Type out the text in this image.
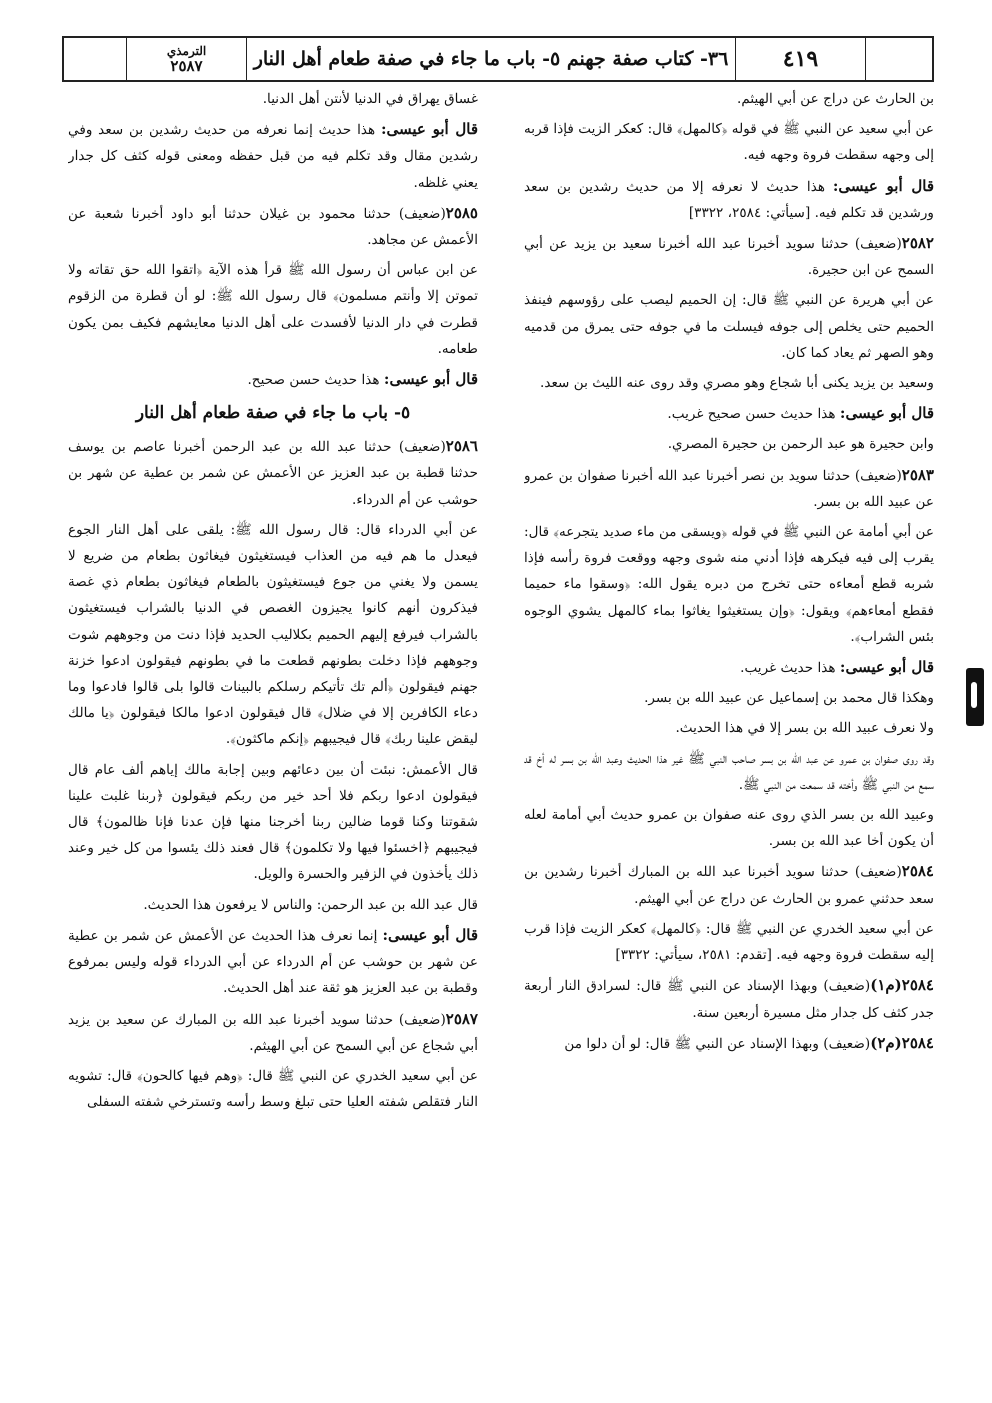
٤١٩
٣٦- كتاب صفة جهنم ٥- باب ما جاء في صفة طعام أهل النار
الترمذي
٢٥٨٧

بن الحارث عن دراج عن أبي الهيثم.

عن أبي سعيد عن النبي ﷺ في قوله ﴿كالمهل﴾ قال: كعكر الزيت فإذا قربه إلى وجهه سقطت فروة وجهه فيه.

قال أبو عيسى: هذا حديث لا نعرفه إلا من حديث رشدين بن سعد ورشدين قد تكلم فيه. [سيأتي: ٢٥٨٤، ٣٣٢٢]

٢٥٨٢(ضعيف) حدثنا سويد أخبرنا عبد الله أخبرنا سعيد بن يزيد عن أبي السمح عن ابن حجيرة.

عن أبي هريرة عن النبي ﷺ قال: إن الحميم ليصب على رؤوسهم فينفذ الحميم حتى يخلص إلى جوفه فيسلت ما في جوفه حتى يمرق من قدميه وهو الصهر ثم يعاد كما كان.

وسعيد بن يزيد يكنى أبا شجاع وهو مصري وقد روى عنه الليث بن سعد.

قال أبو عيسى: هذا حديث حسن صحيح غريب.

وابن حجيرة هو عبد الرحمن بن حجيرة المصري.

٢٥٨٣(ضعيف) حدثنا سويد بن نصر أخبرنا عبد الله أخبرنا صفوان بن عمرو عن عبيد الله بن بسر.

عن أبي أمامة عن النبي ﷺ في قوله ﴿ويسقى من ماء صديد يتجرعه﴾ قال: يقرب إلى فيه فيكرهه فإذا أدني منه شوى وجهه ووقعت فروة رأسه فإذا شربه قطع أمعاءه حتى تخرج من دبره يقول الله: ﴿وسقوا ماء حميما فقطع أمعاءهم﴾ ويقول: ﴿وإن يستغيثوا يغاثوا بماء كالمهل يشوي الوجوه بئس الشراب﴾.

قال أبو عيسى: هذا حديث غريب.

وهكذا قال محمد بن إسماعيل عن عبيد الله بن بسر.

ولا نعرف عبيد الله بن بسر إلا في هذا الحديث.

وقد روى صفوان بن عمرو عن عبد الله بن بسر صاحب النبي ﷺ غير هذا الحديث وعبد الله بن بسر له أخ قد سمع من النبي ﷺ وأخته قد سمعت من النبي ﷺ.

وعبيد الله بن بسر الذي روى عنه صفوان بن عمرو حديث أبي أمامة لعله أن يكون أخا عبد الله بن بسر.

٢٥٨٤(ضعيف) حدثنا سويد أخبرنا عبد الله بن المبارك أخبرنا رشدين بن سعد حدثني عمرو بن الحارث عن دراج عن أبي الهيثم.

عن أبي سعيد الخدري عن النبي ﷺ قال: ﴿كالمهل﴾ كعكر الزيت فإذا قرب إليه سقطت فروة وجهه فيه. [تقدم: ٢٥٨١، سيأتي: ٣٣٢٢]

٢٥٨٤(م١)(ضعيف) وبهذا الإسناد عن النبي ﷺ قال: لسرادق النار أربعة جدر كثف كل جدار مثل مسيرة أربعين سنة.

٢٥٨٤(م٢)(ضعيف) وبهذا الإسناد عن النبي ﷺ قال: لو أن دلوا من

غساق يهراق في الدنيا لأنتن أهل الدنيا.

قال أبو عيسى: هذا حديث إنما نعرفه من حديث رشدين بن سعد وفي رشدين مقال وقد تكلم فيه من قبل حفظه ومعنى قوله كثف كل جدار يعني غلظه.

٢٥٨٥(ضعيف) حدثنا محمود بن غيلان حدثنا أبو داود أخبرنا شعبة عن الأعمش عن مجاهد.

عن ابن عباس أن رسول الله ﷺ قرأ هذه الآية ﴿اتقوا الله حق تقاته ولا تموتن إلا وأنتم مسلمون﴾ قال رسول الله ﷺ: لو أن قطرة من الزقوم قطرت في دار الدنيا لأفسدت على أهل الدنيا معايشهم فكيف بمن يكون طعامه.

قال أبو عيسى: هذا حديث حسن صحيح.

٥- باب ما جاء في صفة طعام أهل النار

٢٥٨٦(ضعيف) حدثنا عبد الله بن عبد الرحمن أخبرنا عاصم بن يوسف حدثنا قطبة بن عبد العزيز عن الأعمش عن شمر بن عطية عن شهر بن حوشب عن أم الدرداء.

عن أبي الدرداء قال: قال رسول الله ﷺ: يلقى على أهل النار الجوع فيعدل ما هم فيه من العذاب فيستغيثون فيغاثون بطعام من ضريع لا يسمن ولا يغني من جوع فيستغيثون بالطعام فيغاثون بطعام ذي غصة فيذكرون أنهم كانوا يجيزون الغصص في الدنيا بالشراب فيستغيثون بالشراب فيرفع إليهم الحميم بكلاليب الحديد فإذا دنت من وجوههم شوت وجوههم فإذا دخلت بطونهم قطعت ما في بطونهم فيقولون ادعوا خزنة جهنم فيقولون ﴿ألم تك تأتيكم رسلكم بالبينات قالوا بلى قالوا فادعوا وما دعاء الكافرين إلا في ضلال﴾ قال فيقولون ادعوا مالكا فيقولون ﴿يا مالك ليقض علينا ربك﴾ قال فيجيبهم ﴿إنكم ماكثون﴾.

قال الأعمش: نبئت أن بين دعائهم وبين إجابة مالك إياهم ألف عام قال فيقولون ادعوا ربكم فلا أحد خير من ربكم فيقولون ﴿ربنا غلبت علينا شقوتنا وكنا قوما ضالين ربنا أخرجنا منها فإن عدنا فإنا ظالمون﴾ قال فيجيبهم ﴿اخسئوا فيها ولا تكلمون﴾ قال فعند ذلك يئسوا من كل خير وعند ذلك يأخذون في الزفير والحسرة والويل.

قال عبد الله بن عبد الرحمن: والناس لا يرفعون هذا الحديث.

قال أبو عيسى: إنما نعرف هذا الحديث عن الأعمش عن شمر بن عطية عن شهر بن حوشب عن أم الدرداء عن أبي الدرداء قوله وليس بمرفوع وقطبة بن عبد العزيز هو ثقة عند أهل الحديث.

٢٥٨٧(ضعيف) حدثنا سويد أخبرنا عبد الله بن المبارك عن سعيد بن يزيد أبي شجاع عن أبي السمح عن أبي الهيثم.

عن أبي سعيد الخدري عن النبي ﷺ قال: ﴿وهم فيها كالحون﴾ قال: تشويه النار فتقلص شفته العليا حتى تبلغ وسط رأسه وتسترخي شفته السفلى
